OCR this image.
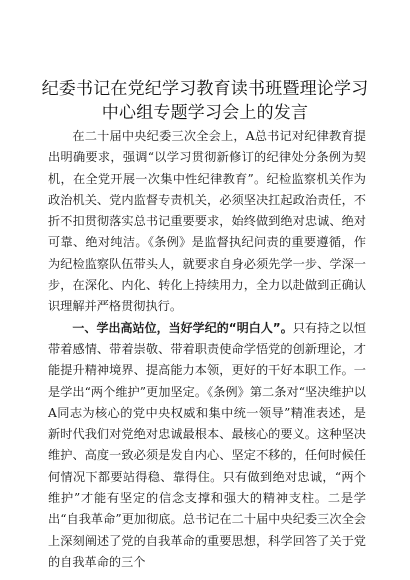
纪委书记在党纪学习教育读书班暨理论学习
中心组专题学习会上的发言

在二十届中央纪委三次全会上，A总书记对纪律教育提出明确要求，强调“以学习贯彻新修订的纪律处分条例为契机，在全党开展一次集中性纪律教育”。纪检监察机关作为政治机关、党内监督专责机关，必须坚决扛起政治责任，不折不扣贯彻落实总书记重要要求，始终做到绝对忠诚、绝对可靠、绝对纯洁。《条例》是监督执纪问责的重要遵循，作为纪检监察队伍带头人，就要求自身必须先学一步、学深一步，在深化、内化、转化上持续用力，全力以赴做到正确认识理解并严格贯彻执行。

一、学出高站位，当好学纪的“明白人”。只有持之以恒带着感情、带着崇敬、带着职责使命学悟党的创新理论，才能提升精神境界、提高能力本领，更好的干好本职工作。一是学出“两个维护”更加坚定。《条例》第二条对“坚决维护以A同志为核心的党中央权威和集中统一领导”精准表述，是新时代我们对党绝对忠诚最根本、最核心的要义。这种坚决维护、高度一致必须是发自内心、坚定不移的，任何时候任何情况下都要站得稳、靠得住。只有做到绝对忠诚，“两个维护”才能有坚定的信念支撑和强大的精神支柱。二是学出“自我革命”更加彻底。总书记在二十届中央纪委三次全会上深刻阐述了党的自我革命的重要思想，科学回答了关于党的自我革命的三个
